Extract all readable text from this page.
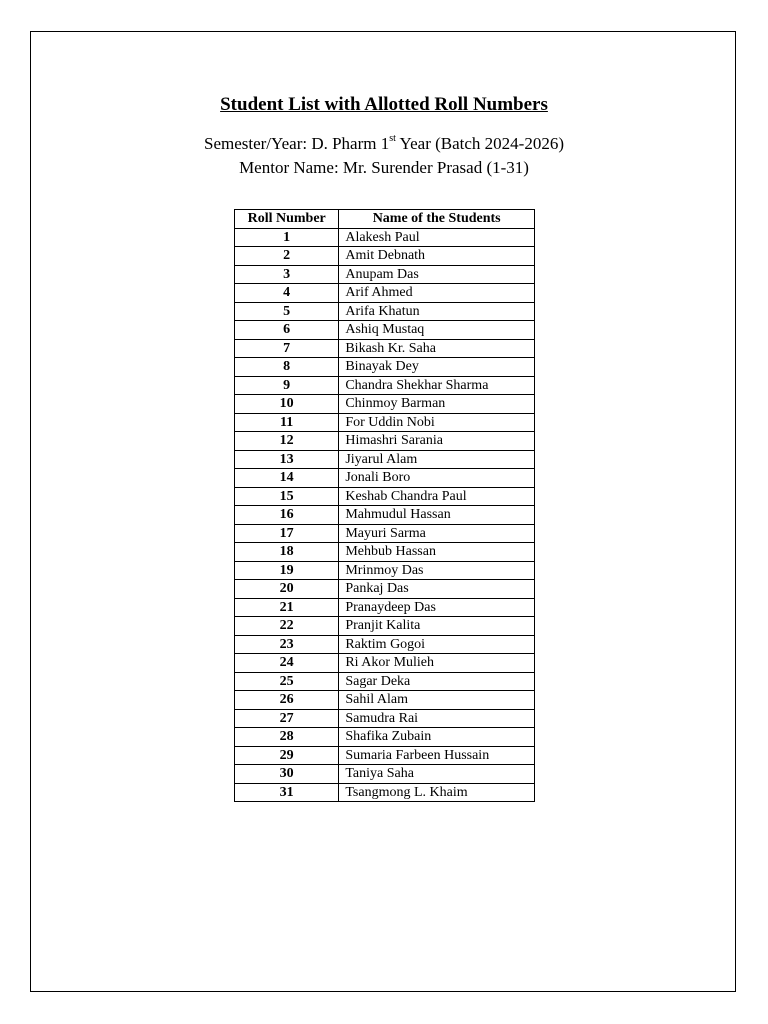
Student List with Allotted Roll Numbers
Semester/Year: D. Pharm 1st Year (Batch 2024-2026)
Mentor Name: Mr. Surender Prasad (1-31)
Roll Number	Name of the Students
1	Alakesh Paul
2	Amit Debnath
3	Anupam Das
4	Arif Ahmed
5	Arifa Khatun
6	Ashiq Mustaq
7	Bikash Kr. Saha
8	Binayak Dey
9	Chandra Shekhar Sharma
10	Chinmoy Barman
11	For Uddin Nobi
12	Himashri Sarania
13	Jiyarul Alam
14	Jonali Boro
15	Keshab Chandra Paul
16	Mahmudul Hassan
17	Mayuri Sarma
18	Mehbub Hassan
19	Mrinmoy Das
20	Pankaj Das
21	Pranaydeep Das
22	Pranjit Kalita
23	Raktim Gogoi
24	Ri Akor Mulieh
25	Sagar Deka
26	Sahil Alam
27	Samudra Rai
28	Shafika Zubain
29	Sumaria Farbeen Hussain
30	Taniya Saha
31	Tsangmong L. Khaim
